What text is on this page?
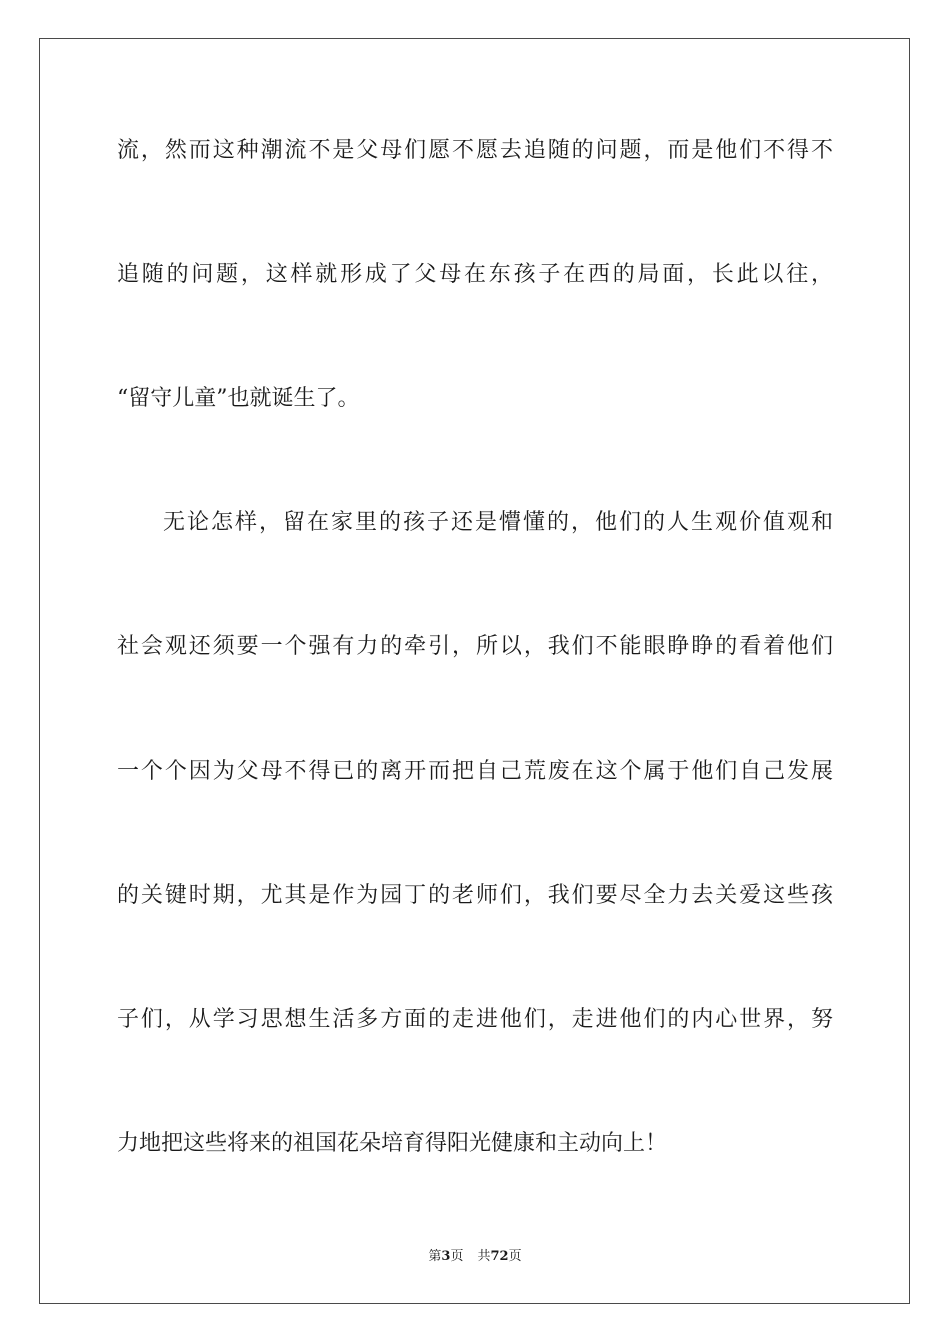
流，然而这种潮流不是父母们愿不愿去追随的问题，而是他们不得不
追随的问题，这样就形成了父母在东孩子在西的局面，长此以往，
“留守儿童”也就诞生了。
无论怎样，留在家里的孩子还是懵懂的，他们的人生观价值观和
社会观还须要一个强有力的牵引，所以，我们不能眼睁睁的看着他们
一个个因为父母不得已的离开而把自己荒废在这个属于他们自己发展
的关键时期，尤其是作为园丁的老师们，我们要尽全力去关爱这些孩
子们，从学习思想生活多方面的走进他们，走进他们的内心世界，努
力地把这些将来的祖国花朵培育得阳光健康和主动向上！
第3页 共72页
